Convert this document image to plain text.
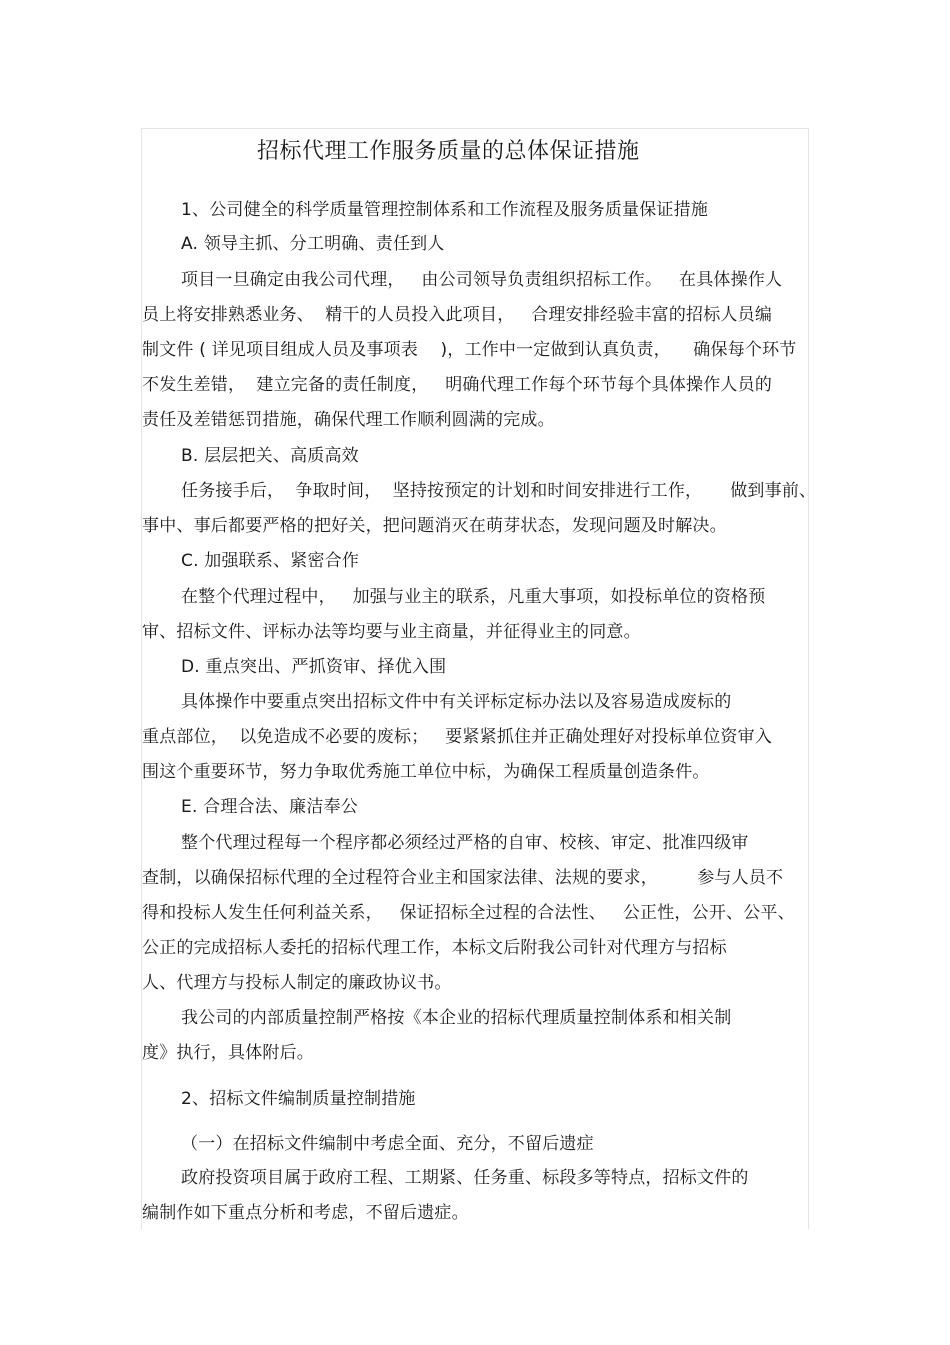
招标代理工作服务质量的总体保证措施
1、公司健全的科学质量管理控制体系和工作流程及服务质量保证措施
A. 领导主抓、分工明确、责任到人
项目一旦确定由我公司代理，   由公司领导负责组织招标工作。   在具体操作人
员上将安排熟悉业务、  精干的人员投入此项目，   合理安排经验丰富的招标人员编
制文件 ( 详见项目组成人员及事项表    )，工作中一定做到认真负责，    确保每个环节
不发生差错，  建立完备的责任制度，   明确代理工作每个环节每个具体操作人员的
责任及差错惩罚措施，确保代理工作顺利圆满的完成。
B. 层层把关、高质高效
任务接手后，  争取时间，  坚持按预定的计划和时间安排进行工作，     做到事前、
事中、事后都要严格的把好关，把问题消灭在萌芽状态，发现问题及时解决。
C. 加强联系、紧密合作
在整个代理过程中，   加强与业主的联系，凡重大事项，如投标单位的资格预
审、招标文件、评标办法等均要与业主商量，并征得业主的同意。
D. 重点突出、严抓资审、择优入围
具体操作中要重点突出招标文件中有关评标定标办法以及容易造成废标的
重点部位，  以免造成不必要的废标；   要紧紧抓住并正确处理好对投标单位资审入
围这个重要环节，努力争取优秀施工单位中标，为确保工程质量创造条件。
E. 合理合法、廉洁奉公
整个代理过程每一个程序都必须经过严格的自审、校核、审定、批准四级审
查制，以确保招标代理的全过程符合业主和国家法律、法规的要求，       参与人员不
得和投标人发生任何利益关系，   保证招标全过程的合法性、   公正性，公开、公平、
公正的完成招标人委托的招标代理工作，本标文后附我公司针对代理方与招标
人、代理方与投标人制定的廉政协议书。
我公司的内部质量控制严格按《本企业的招标代理质量控制体系和相关制
度》执行，具体附后。
2、招标文件编制质量控制措施
（一）在招标文件编制中考虑全面、充分，不留后遗症
政府投资项目属于政府工程、工期紧、任务重、标段多等特点，招标文件的
编制作如下重点分析和考虑，不留后遗症。
